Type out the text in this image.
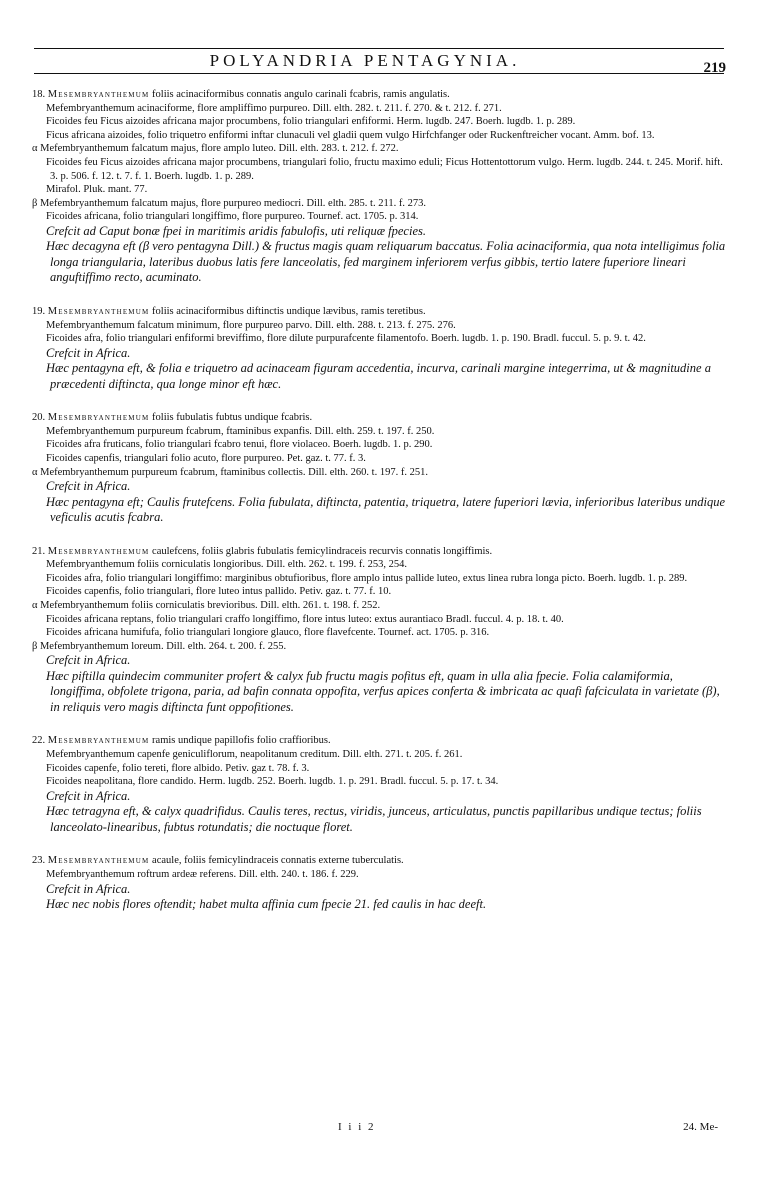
POLYANDRIA PENTAGYNIA.	219
18. Mesembryanthemum foliis acinaciformibus connatis angulo carinali fcabris, ramis angulatis.
Mefembryanthemum acinaciforme, flore ampliffimo purpureo. Dill. elth. 282. t. 211. f. 270. & t. 212. f. 271.
Ficoides feu Ficus aizoides africana major procumbens, folio triangulari enfiformi. Herm. lugdb. 247. Boerh. lugdb. 1. p. 289.
Ficus africana aizoides, folio triquetro enfiformi inftar clunaculi vel gladii quem vulgo Hirfchfanger oder Ruckenftreicher vocant. Amm. bof. 13.
α Mefembryanthemum falcatum majus, flore amplo luteo. Dill. elth. 283. t. 212. f. 272.
Ficoides feu Ficus aizoides africana major procumbens, triangulari folio, fructu maximo eduli; Ficus Hottentottorum vulgo. Herm. lugdb. 244. t. 245. Morif. hift. 3. p. 506. f. 12. t. 7. f. 1. Boerh. lugdb. 1. p. 289.
Mirafol. Pluk. mant. 77.
β Mefembryanthemum falcatum majus, flore purpureo mediocri. Dill. elth. 285. t. 211. f. 273.
Ficoides africana, folio triangulari longiffimo, flore purpureo. Tournef. act. 1705. p. 314.
Crefcit ad Caput bonæ fpei in maritimis aridis fabulofis, uti reliquæ fpecies.
Hæc decagyna eft (β vero pentagyna Dill.) & fructus magis quam reliquarum baccatus. Folia acinaciformia, qua nota intelligimus folia longa triangularia, lateribus duobus latis fere lanceolatis, fed marginem inferiorem verfus gibbis, tertio latere fuperiore lineari anguftiffimo recto, acuminato.
19. Mesembryanthemum foliis acinaciformibus diftinctis undique lævibus, ramis teretibus.
Mefembryanthemum falcatum minimum, flore purpureo parvo. Dill. elth. 288. t. 213. f. 275. 276.
Ficoides afra, folio triangulari enfiformi breviffimo, flore dilute purpurafcente filamentofo. Boerh. lugdb. 1. p. 190. Bradl. fuccul. 5. p. 9. t. 42.
Crefcit in Africa.
Hæc pentagyna eft, & folia e triquetro ad acinaceam figuram accedentia, incurva, carinali margine integerrima, ut & magnitudine a præcedenti diftincta, qua longe minor eft hæc.
20. Mesembryanthemum foliis fubulatis fubtus undique fcabris.
Mefembryanthemum purpureum fcabrum, ftaminibus expanfis. Dill. elth. 259. t. 197. f. 250.
Ficoides afra fruticans, folio triangulari fcabro tenui, flore violaceo. Boerh. lugdb. 1. p. 290.
Ficoides capenfis, triangulari folio acuto, flore purpureo. Pet. gaz. t. 77. f. 3.
α Mefembryanthemum purpureum fcabrum, ftaminibus collectis. Dill. elth. 260. t. 197. f. 251.
Crefcit in Africa.
Hæc pentagyna eft; Caulis frutefcens. Folia fubulata, diftincta, patentia, triquetra, latere fuperiori lævia, inferioribus lateribus undique veficulis acutis fcabra.
21. Mesembryanthemum caulefcens, foliis glabris fubulatis femicylindraceis recurvis connatis longiffimis.
Mefembryanthemum foliis corniculatis longioribus. Dill. elth. 262. t. 199. f. 253, 254.
Ficoides afra, folio triangulari longiffimo: marginibus obtufioribus, flore amplo intus pallide luteo, extus linea rubra longa picto. Boerh. lugdb. 1. p. 289.
Ficoides capenfis, folio triangulari, flore luteo intus pallido. Petiv. gaz. t. 77. f. 10.
α Mefembryanthemum foliis corniculatis brevioribus. Dill. elth. 261. t. 198. f. 252.
Ficoides africana reptans, folio triangulari craffo longiffimo, flore intus luteo: extus aurantiaco Bradl. fuccul. 4. p. 18. t. 40.
Ficoides africana humifufa, folio triangulari longiore glauco, flore flavefcente. Tournef. act. 1705. p. 316.
β Mefembryanthemum loreum. Dill. elth. 264. t. 200. f. 255.
Crefcit in Africa.
Hæc piftilla quindecim communiter profert & calyx fub fructu magis pofitus eft, quam in ulla alia fpecie. Folia calamiformia, longiffima, obfolete trigona, paria, ad bafin connata oppofita, verfus apices conferta & imbricata ac quafi fafciculata in varietate (β), in reliquis vero magis diftincta funt oppofitiones.
22. Mesembryanthemum ramis undique papillofis folio craffioribus.
Mefembryanthemum capenfe geniculiflorum, neapolitanum creditum. Dill. elth. 271. t. 205. f. 261.
Ficoides capenfe, folio tereti, flore albido. Petiv. gaz t. 78. f. 3.
Ficoides neapolitana, flore candido. Herm. lugdb. 252. Boerh. lugdb. 1. p. 291. Bradl. fuccul. 5. p. 17. t. 34.
Crefcit in Africa.
Hæc tetragyna eft, & calyx quadrifidus. Caulis teres, rectus, viridis, junceus, articulatus, punctis papillaribus undique tectus; foliis lanceolato-linearibus, fubtus rotundatis; die noctuque floret.
23. Mesembryanthemum acaule, foliis femicylindraceis connatis externe tuberculatis.
Mefembryanthemum roftrum ardeæ referens. Dill. elth. 240. t. 186. f. 229.
Crefcit in Africa.
Hæc nec nobis flores oftendit; habet multa affinia cum fpecie 21. fed caulis in hac deeft.
I i i 2	24. Me-
